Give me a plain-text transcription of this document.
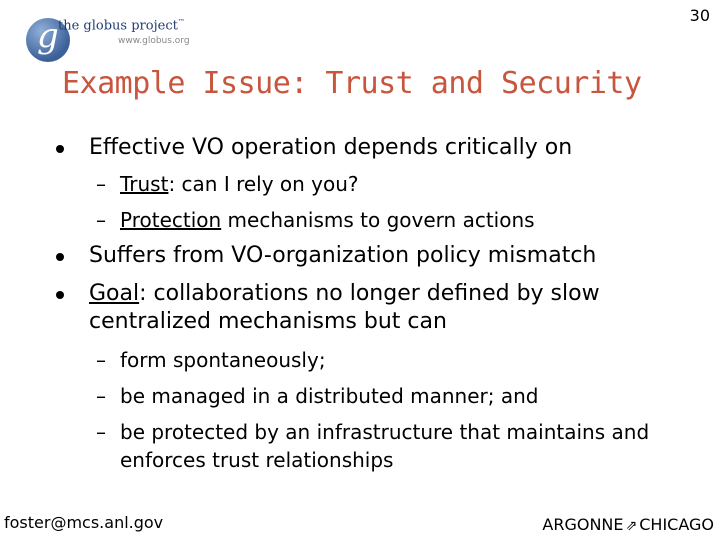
30
g the globus project™
www.globus.org
Example Issue: Trust and Security

Effective VO operation depends critically on

– Trust: can I rely on you?

– Protection mechanisms to govern actions

Suffers from VO-organization policy mismatch

Goal: collaborations no longer defined by slow centralized mechanisms but can

– form spontaneously;

– be managed in a distributed manner; and

– be protected by an infrastructure that maintains and enforces trust relationships

foster@mcs.anl.gov	ARGONNE ⇗ CHICAGO
